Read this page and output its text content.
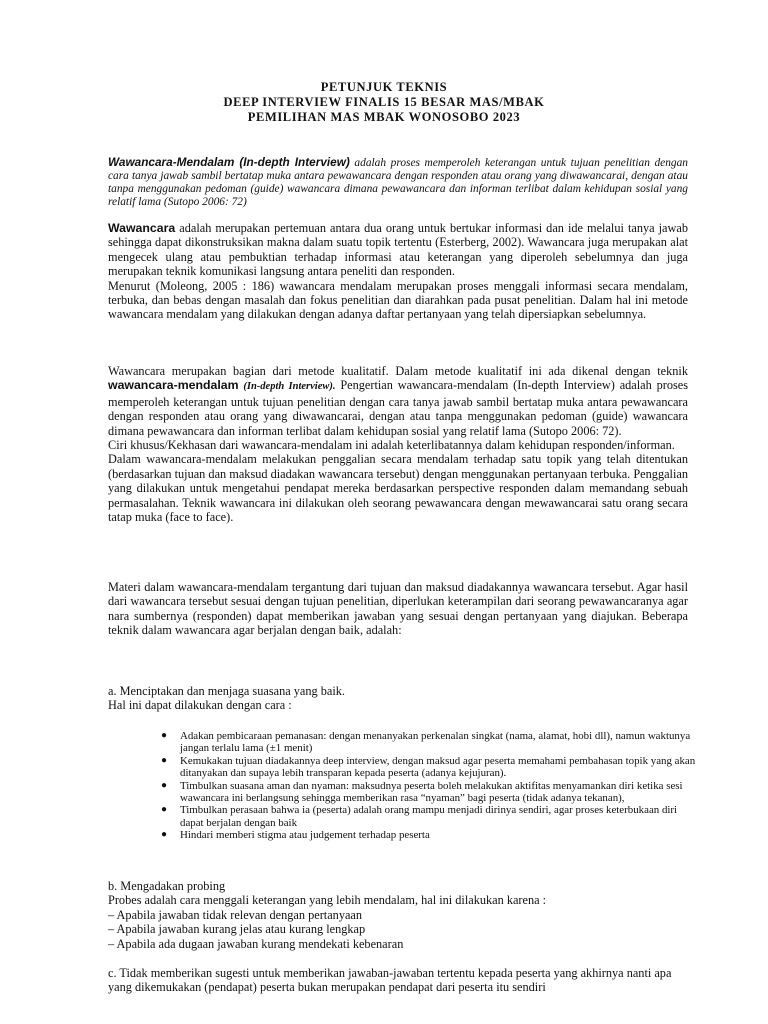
PETUNJUK TEKNIS
DEEP INTERVIEW FINALIS 15 BESAR MAS/MBAK
PEMILIHAN MAS MBAK WONOSOBO 2023
Wawancara-Mendalam (In-depth Interview) adalah proses memperoleh keterangan untuk tujuan penelitian dengan cara tanya jawab sambil bertatap muka antara pewawancara dengan responden atau orang yang diwawancarai, dengan atau tanpa menggunakan pedoman (guide) wawancara dimana pewawancara dan informan terlibat dalam kehidupan sosial yang relatif lama (Sutopo 2006: 72)

Wawancara adalah merupakan pertemuan antara dua orang untuk bertukar informasi dan ide melalui tanya jawab sehingga dapat dikonstruksikan makna dalam suatu topik tertentu (Esterberg, 2002). Wawancara juga merupakan alat mengecek ulang atau pembuktian terhadap informasi atau keterangan yang diperoleh sebelumnya dan juga merupakan teknik komunikasi langsung antara peneliti dan responden.

Menurut (Moleong, 2005 : 186) wawancara mendalam merupakan proses menggali informasi secara mendalam, terbuka, dan bebas dengan masalah dan fokus penelitian dan diarahkan pada pusat penelitian. Dalam hal ini metode wawancara mendalam yang dilakukan dengan adanya daftar pertanyaan yang telah dipersiapkan sebelumnya.

Wawancara merupakan bagian dari metode kualitatif. Dalam metode kualitatif ini ada dikenal dengan teknik wawancara-mendalam (In-depth Interview). Pengertian wawancara-mendalam (In-depth Interview) adalah proses memperoleh keterangan untuk tujuan penelitian dengan cara tanya jawab sambil bertatap muka antara pewawancara dengan responden atau orang yang diwawancarai, dengan atau tanpa menggunakan pedoman (guide) wawancara dimana pewawancara dan informan terlibat dalam kehidupan sosial yang relatif lama (Sutopo 2006: 72).

Ciri khusus/Kekhasan dari wawancara-mendalam ini adalah keterlibatannya dalam kehidupan responden/informan.

Dalam wawancara-mendalam melakukan penggalian secara mendalam terhadap satu topik yang telah ditentukan (berdasarkan tujuan dan maksud diadakan wawancara tersebut) dengan menggunakan pertanyaan terbuka. Penggalian yang dilakukan untuk mengetahui pendapat mereka berdasarkan perspective responden dalam memandang sebuah permasalahan. Teknik wawancara ini dilakukan oleh seorang pewawancara dengan mewawancarai satu orang secara tatap muka (face to face).

Materi dalam wawancara-mendalam tergantung dari tujuan dan maksud diadakannya wawancara tersebut. Agar hasil dari wawancara tersebut sesuai dengan tujuan penelitian, diperlukan keterampilan dari seorang pewawancaranya agar nara sumbernya (responden) dapat memberikan jawaban yang sesuai dengan pertanyaan yang diajukan. Beberapa teknik dalam wawancara agar berjalan dengan baik, adalah:

a. Menciptakan dan menjaga suasana yang baik.

Hal ini dapat dilakukan dengan cara :

● Adakan pembicaraan pemanasan: dengan menanyakan perkenalan singkat (nama, alamat, hobi dll), namun waktunya jangan terlalu lama (±1 menit)
● Kemukakan tujuan diadakannya deep interview, dengan maksud agar peserta memahami pembahasan topik yang akan ditanyakan dan supaya lebih transparan kepada peserta (adanya kejujuran).
● Timbulkan suasana aman dan nyaman: maksudnya peserta boleh melakukan aktifitas menyamankan diri ketika sesi wawancara ini berlangsung sehingga memberikan rasa “nyaman” bagi peserta (tidak adanya tekanan),
● Timbulkan perasaan bahwa ia (peserta) adalah orang mampu menjadi dirinya sendiri, agar proses keterbukaan diri dapat berjalan dengan baik
● Hindari memberi stigma atau judgement terhadap peserta

b. Mengadakan probing

Probes adalah cara menggali keterangan yang lebih mendalam, hal ini dilakukan karena :

– Apabila jawaban tidak relevan dengan pertanyaan

– Apabila jawaban kurang jelas atau kurang lengkap

– Apabila ada dugaan jawaban kurang mendekati kebenaran

c. Tidak memberikan sugesti untuk memberikan jawaban-jawaban tertentu kepada peserta yang akhirnya nanti apa yang dikemukakan (pendapat) peserta bukan merupakan pendapat dari peserta itu sendiri
